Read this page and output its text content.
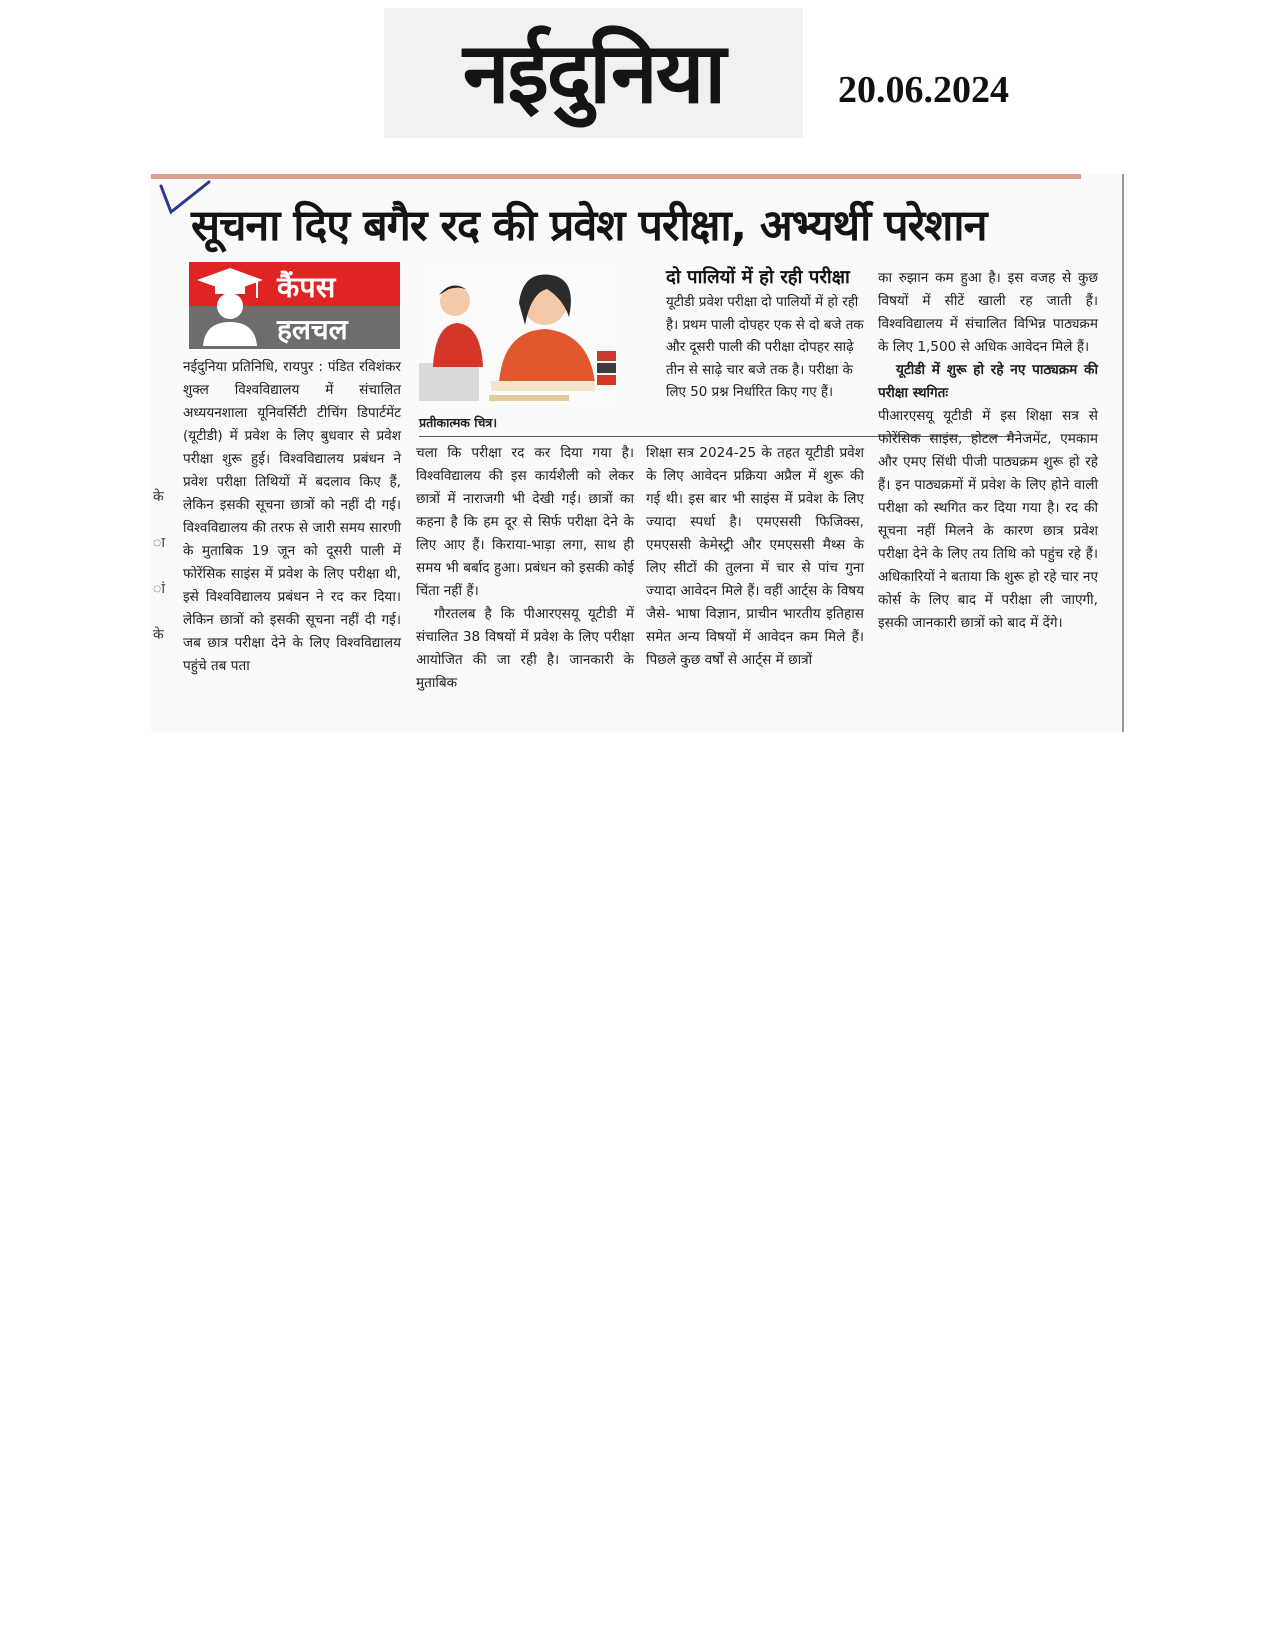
नईदुनिया	20.06.2024
सूचना दिए बगैर रद की प्रवेश परीक्षा, अभ्यर्थी परेशान
कैंपस
हलचल
के
ा
ां
के

नईदुनिया प्रतिनिधि, रायपुर : पंडित रविशंकर शुक्ल विश्वविद्यालय में संचालित अध्ययनशाला यूनिवर्सिटी टीचिंग डिपार्टमेंट (यूटीडी) में प्रवेश के लिए बुधवार से प्रवेश परीक्षा शुरू हुई। विश्वविद्यालय प्रबंधन ने प्रवेश परीक्षा तिथियों में बदलाव किए हैं, लेकिन इसकी सूचना छात्रों को नहीं दी गई। विश्वविद्यालय की तरफ से जारी समय सारणी के मुताबिक 19 जून को दूसरी पाली में फोरेंसिक साइंस में प्रवेश के लिए परीक्षा थी, इसे विश्वविद्यालय प्रबंधन ने रद कर दिया। लेकिन छात्रों को इसकी सूचना नहीं दी गई। जब छात्र परीक्षा देने के लिए विश्वविद्यालय पहुंचे तब पता

प्रतीकात्मक चित्र।
दो पालियों में हो रही परीक्षा
यूटीडी प्रवेश परीक्षा दो पालियों में हो रही है। प्रथम पाली दोपहर एक से दो बजे तक और दूसरी पाली की परीक्षा दोपहर साढ़े तीन से साढ़े चार बजे तक है। परीक्षा के लिए 50 प्रश्न निर्धारित किए गए हैं।

चला कि परीक्षा रद कर दिया गया है। विश्वविद्यालय की इस कार्यशैली को लेकर छात्रों में नाराजगी भी देखी गई। छात्रों का कहना है कि हम दूर से सिर्फ परीक्षा देने के लिए आए हैं। किराया-भाड़ा लगा, साथ ही समय भी बर्बाद हुआ। प्रबंधन को इसकी कोई चिंता नहीं हैं।

गौरतलब है कि पीआरएसयू यूटीडी में संचालित 38 विषयों में प्रवेश के लिए परीक्षा आयोजित की जा रही है। जानकारी के मुताबिक

शिक्षा सत्र 2024-25 के तहत यूटीडी प्रवेश के लिए आवेदन प्रक्रिया अप्रैल में शुरू की गई थी। इस बार भी साइंस में प्रवेश के लिए ज्यादा स्पर्धा है। एमएससी फिजिक्स, एमएससी केमेस्ट्री और एमएससी मैथ्स के लिए सीटों की तुलना में चार से पांच गुना ज्यादा आवेदन मिले हैं। वहीं आर्ट्स के विषय जैसे- भाषा विज्ञान, प्राचीन भारतीय इतिहास समेत अन्य विषयों में आवेदन कम मिले हैं। पिछले कुछ वर्षों से आर्ट्स में छात्रों

का रुझान कम हुआ है। इस वजह से कुछ विषयों में सीटें खाली रह जाती हैं। विश्वविद्यालय में संचालित विभिन्न पाठ्यक्रम के लिए 1,500 से अधिक आवेदन मिले हैं।

यूटीडी में शुरू हो रहे नए पाठ्यक्रम की परीक्षा स्थगितः

पीआरएसयू यूटीडी में इस शिक्षा सत्र से फोरेंसिक साइंस, होटल मैनेजमेंट, एमकाम और एमए सिंधी पीजी पाठ्यक्रम शुरू हो रहे हैं। इन पाठ्यक्रमों में प्रवेश के लिए होने वाली परीक्षा को स्थगित कर दिया गया है। रद की सूचना नहीं मिलने के कारण छात्र प्रवेश परीक्षा देने के लिए तय तिथि को पहुंच रहे हैं। अधिकारियों ने बताया कि शुरू हो रहे चार नए कोर्स के लिए बाद में परीक्षा ली जाएगी, इसकी जानकारी छात्रों को बाद में देंगे।
